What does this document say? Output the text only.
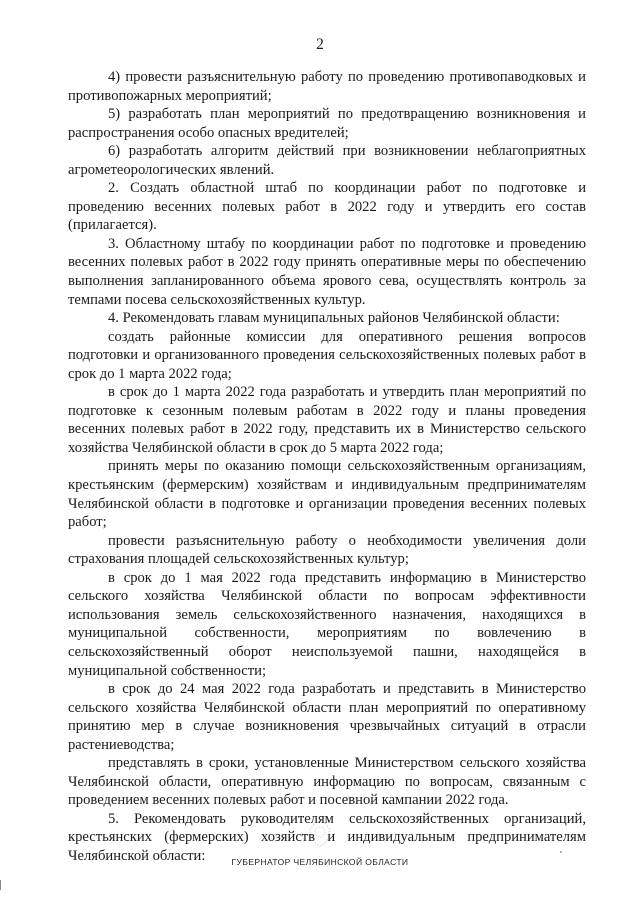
2

4) провести разъяснительную работу по проведению противопаводковых и противопожарных мероприятий;

5) разработать план мероприятий по предотвращению возникновения и распространения особо опасных вредителей;

6) разработать алгоритм действий при возникновении неблагоприятных агрометеорологических явлений.

2. Создать областной штаб по координации работ по подготовке и проведению весенних полевых работ в 2022 году и утвердить его состав (прилагается).

3. Областному штабу по координации работ по подготовке и проведению весенних полевых работ в 2022 году принять оперативные меры по обеспечению выполнения запланированного объема ярового сева, осуществлять контроль за темпами посева сельскохозяйственных культур.

4. Рекомендовать главам муниципальных районов Челябинской области:

создать районные комиссии для оперативного решения вопросов подготовки и организованного проведения сельскохозяйственных полевых работ в срок до 1 марта 2022 года;

в срок до 1 марта 2022 года разработать и утвердить план мероприятий по подготовке к сезонным полевым работам в 2022 году и планы проведения весенних полевых работ в 2022 году, представить их в Министерство сельского хозяйства Челябинской области в срок до 5 марта 2022 года;

принять меры по оказанию помощи сельскохозяйственным организациям, крестьянским (фермерским) хозяйствам и индивидуальным предпринимателям Челябинской области в подготовке и организации проведения весенних полевых работ;

провести разъяснительную работу о необходимости увеличения доли страхования площадей сельскохозяйственных культур;

в срок до 1 мая 2022 года представить информацию в Министерство сельского хозяйства Челябинской области по вопросам эффективности использования земель сельскохозяйственного назначения, находящихся в муниципальной собственности, мероприятиям по вовлечению в сельскохозяйственный оборот неиспользуемой пашни, находящейся в муниципальной собственности;

в срок до 24 мая 2022 года разработать и представить в Министерство сельского хозяйства Челябинской области план мероприятий по оперативному принятию мер в случае возникновения чрезвычайных ситуаций в отрасли растениеводства;

представлять в сроки, установленные Министерством сельского хозяйства Челябинской области, оперативную информацию по вопросам, связанным с проведением весенних полевых работ и посевной кампании 2022 года.

5. Рекомендовать руководителям сельскохозяйственных организаций, крестьянских (фермерских) хозяйств и индивидуальным предпринимателям Челябинской области:	ГУБЕРНАТОР ЧЕЛЯБИНСКОЙ ОБЛАСТИ
